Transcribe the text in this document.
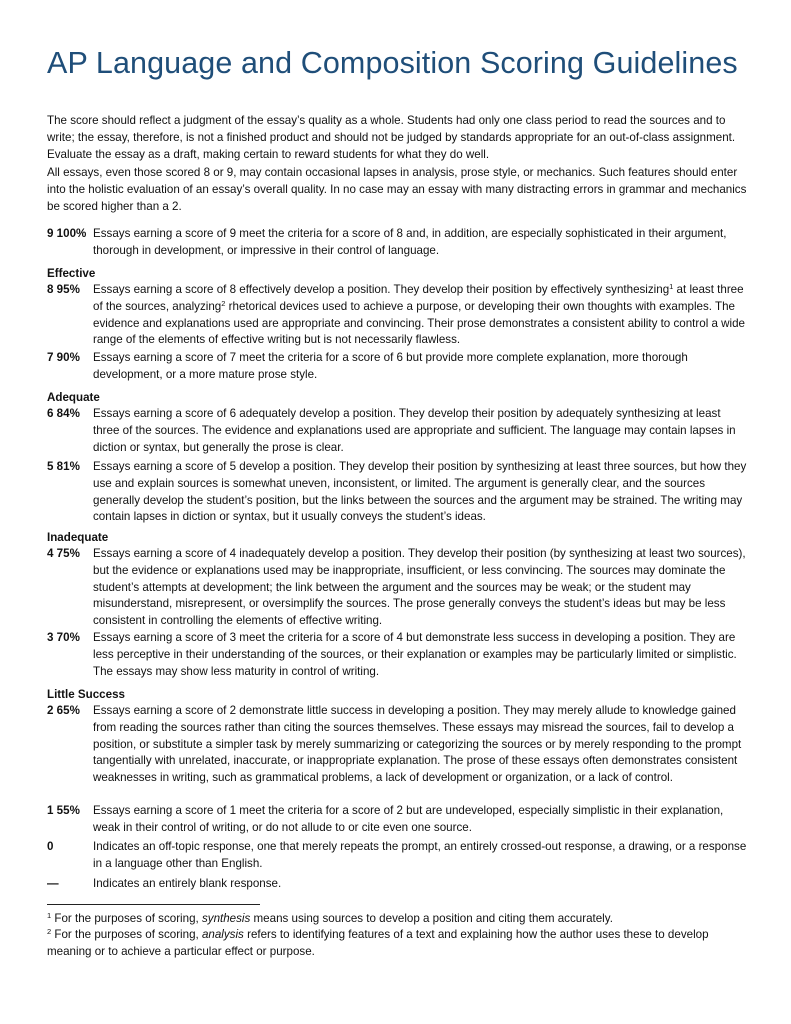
AP Language and Composition Scoring Guidelines
The score should reflect a judgment of the essay’s quality as a whole. Students had only one class period to read the sources and to write; the essay, therefore, is not a finished product and should not be judged by standards appropriate for an out-of-class assignment. Evaluate the essay as a draft, making certain to reward students for what they do well.
All essays, even those scored 8 or 9, may contain occasional lapses in analysis, prose style, or mechanics. Such features should enter into the holistic evaluation of an essay’s overall quality. In no case may an essay with many distracting errors in grammar and mechanics be scored higher than a 2.
9 100% Essays earning a score of 9 meet the criteria for a score of 8 and, in addition, are especially sophisticated in their argument, thorough in development, or impressive in their control of language.
Effective
8 95% Essays earning a score of 8 effectively develop a position. They develop their position by effectively synthesizing$^1$ at least three of the sources, analyzing$^2$ rhetorical devices used to achieve a purpose, or developing their own thoughts with examples. The evidence and explanations used are appropriate and convincing. Their prose demonstrates a consistent ability to control a wide range of the elements of effective writing but is not necessarily flawless.
7 90% Essays earning a score of 7 meet the criteria for a score of 6 but provide more complete explanation, more thorough development, or a more mature prose style.
Adequate
6 84% Essays earning a score of 6 adequately develop a position. They develop their position by adequately synthesizing at least three of the sources. The evidence and explanations used are appropriate and sufficient. The language may contain lapses in diction or syntax, but generally the prose is clear.
5 81% Essays earning a score of 5 develop a position. They develop their position by synthesizing at least three sources, but how they use and explain sources is somewhat uneven, inconsistent, or limited. The argument is generally clear, and the sources generally develop the student’s position, but the links between the sources and the argument may be strained. The writing may contain lapses in diction or syntax, but it usually conveys the student’s ideas.
Inadequate
4 75% Essays earning a score of 4 inadequately develop a position. They develop their position (by synthesizing at least two sources), but the evidence or explanations used may be inappropriate, insufficient, or less convincing. The sources may dominate the student’s attempts at development; the link between the argument and the sources may be weak; or the student may misunderstand, misrepresent, or oversimplify the sources. The prose generally conveys the student’s ideas but may be less consistent in controlling the elements of effective writing.
3 70% Essays earning a score of 3 meet the criteria for a score of 4 but demonstrate less success in developing a position. They are less perceptive in their understanding of the sources, or their explanation or examples may be particularly limited or simplistic. The essays may show less maturity in control of writing.
Little Success
2 65% Essays earning a score of 2 demonstrate little success in developing a position. They may merely allude to knowledge gained from reading the sources rather than citing the sources themselves. These essays may misread the sources, fail to develop a position, or substitute a simpler task by merely summarizing or categorizing the sources or by merely responding to the prompt tangentially with unrelated, inaccurate, or inappropriate explanation. The prose of these essays often demonstrates consistent weaknesses in writing, such as grammatical problems, a lack of development or organization, or a lack of control.
1 55% Essays earning a score of 1 meet the criteria for a score of 2 but are undeveloped, especially simplistic in their explanation, weak in their control of writing, or do not allude to or cite even one source.
0	Indicates an off-topic response, one that merely repeats the prompt, an entirely crossed-out response, a drawing, or a response in a language other than English.
—	Indicates an entirely blank response.
$^1$ For the purposes of scoring, synthesis means using sources to develop a position and citing them accurately.
$^2$ For the purposes of scoring, analysis refers to identifying features of a text and explaining how the author uses these to develop meaning or to achieve a particular effect or purpose.
